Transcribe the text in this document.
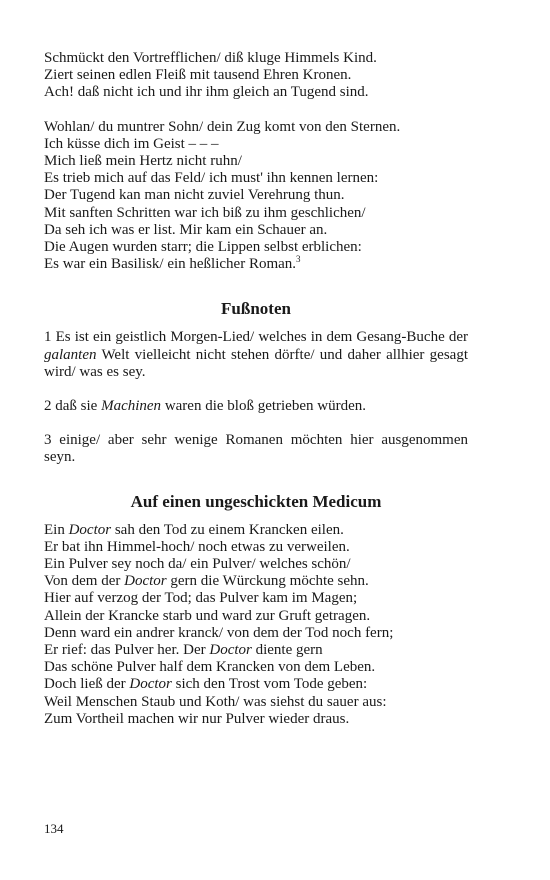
Schmückt den Vortrefflichen/ diß kluge Himmels Kind.
Ziert seinen edlen Fleiß mit tausend Ehren Kronen.
Ach! daß nicht ich und ihr ihm gleich an Tugend sind.
Wohlan/ du muntrer Sohn/ dein Zug komt von den Sternen.
Ich küsse dich im Geist – – –
Mich ließ mein Hertz nicht ruhn/
Es trieb mich auf das Feld/ ich must' ihn kennen lernen:
Der Tugend kan man nicht zuviel Verehrung thun.
Mit sanften Schritten war ich biß zu ihm geschlichen/
Da seh ich was er list. Mir kam ein Schauer an.
Die Augen wurden starr; die Lippen selbst erblichen:
Es war ein Basilisk/ ein heßlicher Roman.$^3$
Fußnoten
1 Es ist ein geistlich Morgen-Lied/ welches in dem Gesang-Buche der galanten Welt vielleicht nicht stehen dörfte/ und daher allhier gesagt wird/ was es sey.
2 daß sie Machinen waren die bloß getrieben würden.
3 einige/ aber sehr wenige Romanen möchten hier ausgenommen seyn.
Auf einen ungeschickten Medicum
Ein Doctor sah den Tod zu einem Krancken eilen.
Er bat ihn Himmel-hoch/ noch etwas zu verweilen.
Ein Pulver sey noch da/ ein Pulver/ welches schön/
Von dem der Doctor gern die Würckung möchte sehn.
Hier auf verzog der Tod; das Pulver kam im Magen;
Allein der Krancke starb und ward zur Gruft getragen.
Denn ward ein andrer kranck/ von dem der Tod noch fern;
Er rief: das Pulver her. Der Doctor diente gern
Das schöne Pulver half dem Krancken von dem Leben.
Doch ließ der Doctor sich den Trost vom Tode geben:
Weil Menschen Staub und Koth/ was siehst du sauer aus:
Zum Vortheil machen wir nur Pulver wieder draus.
134
